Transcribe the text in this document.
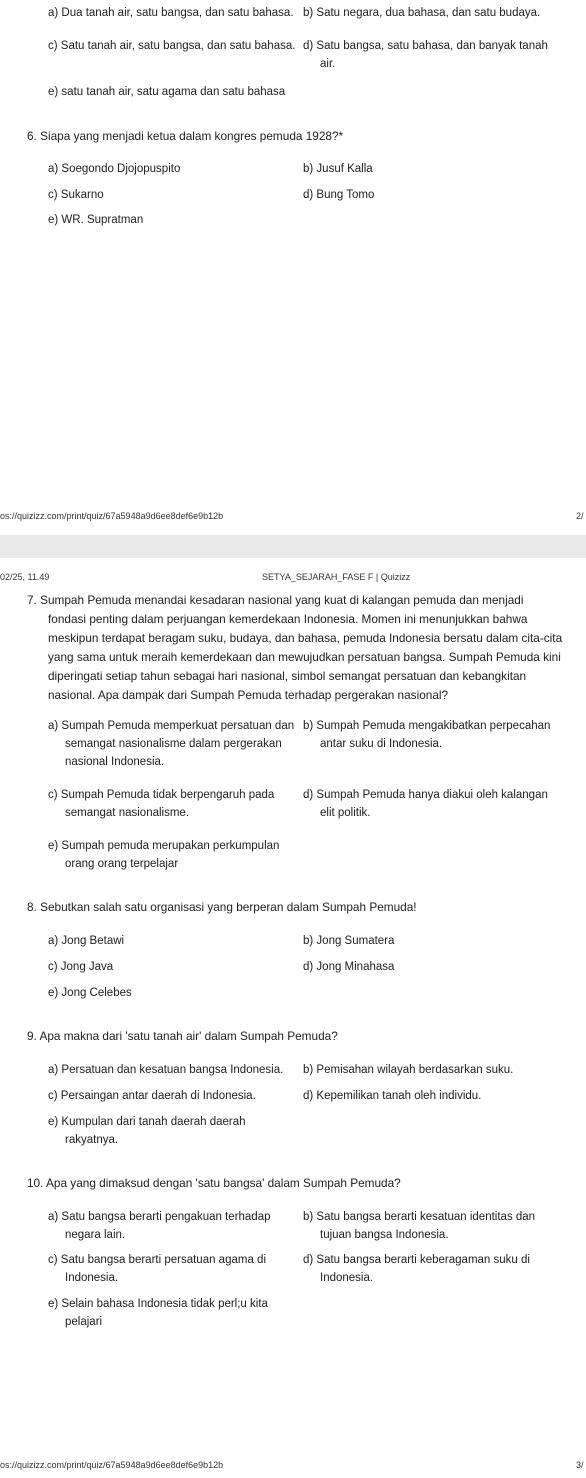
a) Dua tanah air, satu bangsa, dan satu bahasa. b) Satu negara, dua bahasa, dan satu budaya.
c) Satu tanah air, satu bangsa, dan satu bahasa. d) Satu bangsa, satu bahasa, dan banyak tanah
air.
e) satu tanah air, satu agama dan satu bahasa
6. Siapa yang menjadi ketua dalam kongres pemuda 1928?*
a) Soegondo Djojopuspito	b) Jusuf Kalla
c) Sukarno	d) Bung Tomo
e) WR. Supratman
os://quizizz.com/print/quiz/67a5948a9d6ee8def6e9b12b	2/
02/25, 11.49	SETYA_SEJARAH_FASE F | Quizizz
7. Sumpah Pemuda menandai kesadaran nasional yang kuat di kalangan pemuda dan menjadi
fondasi penting dalam perjuangan kemerdekaan Indonesia. Momen ini menunjukkan bahwa
meskipun terdapat beragam suku, budaya, dan bahasa, pemuda Indonesia bersatu dalam cita-cita
yang sama untuk meraih kemerdekaan dan mewujudkan persatuan bangsa. Sumpah Pemuda kini
diperingati setiap tahun sebagai hari nasional, simbol semangat persatuan dan kebangkitan
nasional. Apa dampak dari Sumpah Pemuda terhadap pergerakan nasional?
a) Sumpah Pemuda memperkuat persatuan dan
semangat nasionalisme dalam pergerakan
nasional Indonesia.
b) Sumpah Pemuda mengakibatkan perpecahan
antar suku di Indonesia.
c) Sumpah Pemuda tidak berpengaruh pada
semangat nasionalisme.
d) Sumpah Pemuda hanya diakui oleh kalangan
elit politik.
e) Sumpah pemuda merupakan perkumpulan
orang orang terpelajar
8. Sebutkan salah satu organisasi yang berperan dalam Sumpah Pemuda!
a) Jong Betawi	b) Jong Sumatera
c) Jong Java	d) Jong Minahasa
e) Jong Celebes
9. Apa makna dari 'satu tanah air' dalam Sumpah Pemuda?
a) Persatuan dan kesatuan bangsa Indonesia. b) Pemisahan wilayah berdasarkan suku.
c) Persaingan antar daerah di Indonesia.	d) Kepemilikan tanah oleh individu.
e) Kumpulan dari tanah daerah daerah
rakyatnya.
10. Apa yang dimaksud dengan 'satu bangsa' dalam Sumpah Pemuda?
a) Satu bangsa berarti pengakuan terhadap
negara lain.
b) Satu bangsa berarti kesatuan identitas dan
tujuan bangsa Indonesia.
c) Satu bangsa berarti persatuan agama di
Indonesia.
d) Satu bangsa berarti keberagaman suku di
Indonesia.
e) Selain bahasa Indonesia tidak perl;u kita
pelajari
os://quizizz.com/print/quiz/67a5948a9d6ee8def6e9b12b	3/
